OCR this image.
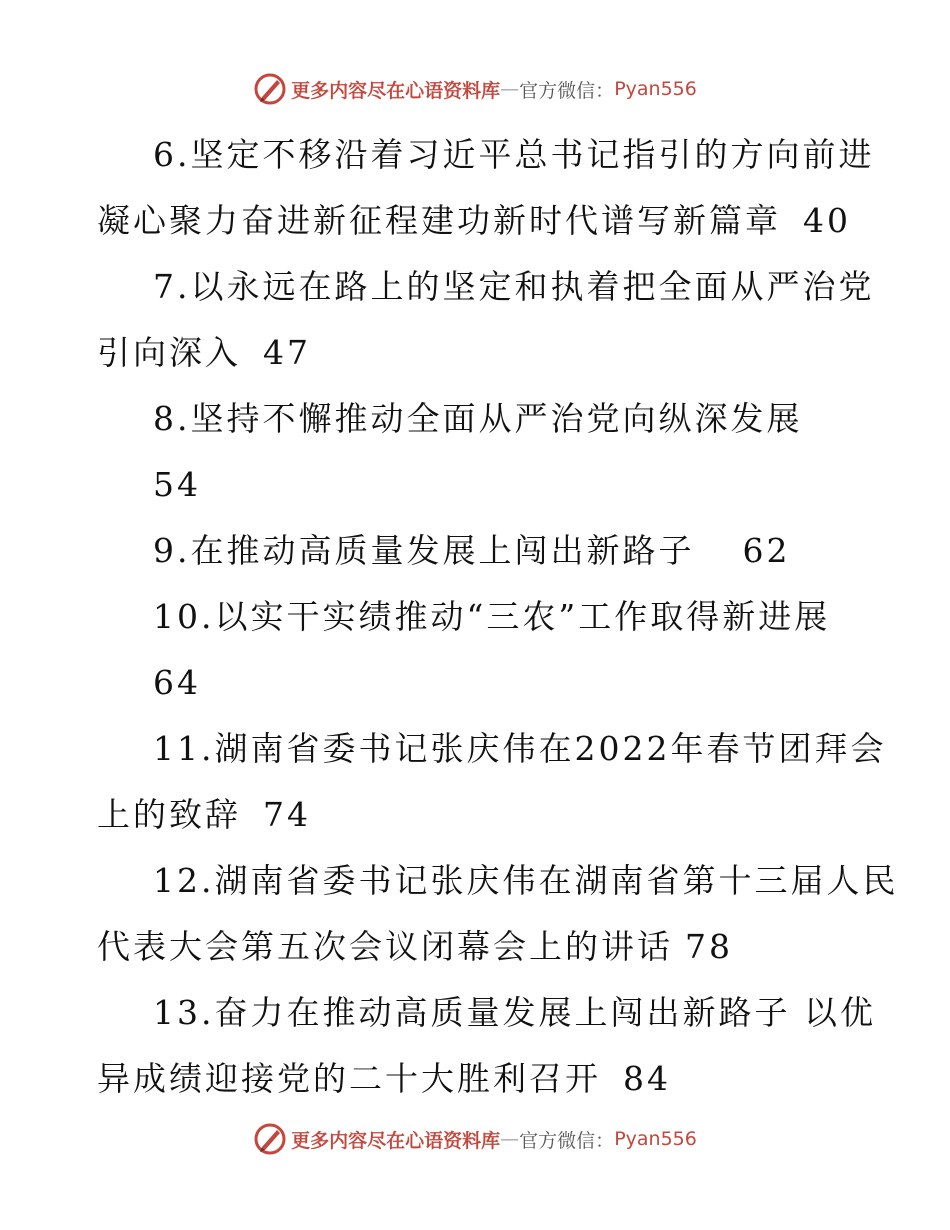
更多内容尽在心语资料库 — 官方微信： Pyan556
6.坚定不移沿着习近平总书记指引的方向前进
凝心聚力奋进新征程建功新时代谱写新篇章 40
7.以永远在路上的坚定和执着把全面从严治党
引向深入 47
8.坚持不懈推动全面从严治党向纵深发展
54
9.在推动高质量发展上闯出新路子 62
10.以实干实绩推动“三农”工作取得新进展
64
11.湖南省委书记张庆伟在2022年春节团拜会
上的致辞 74
12.湖南省委书记张庆伟在湖南省第十三届人民
代表大会第五次会议闭幕会上的讲话 78
13.奋力在推动高质量发展上闯出新路子 以优
异成绩迎接党的二十大胜利召开 84
更多内容尽在心语资料库 — 官方微信： Pyan556
